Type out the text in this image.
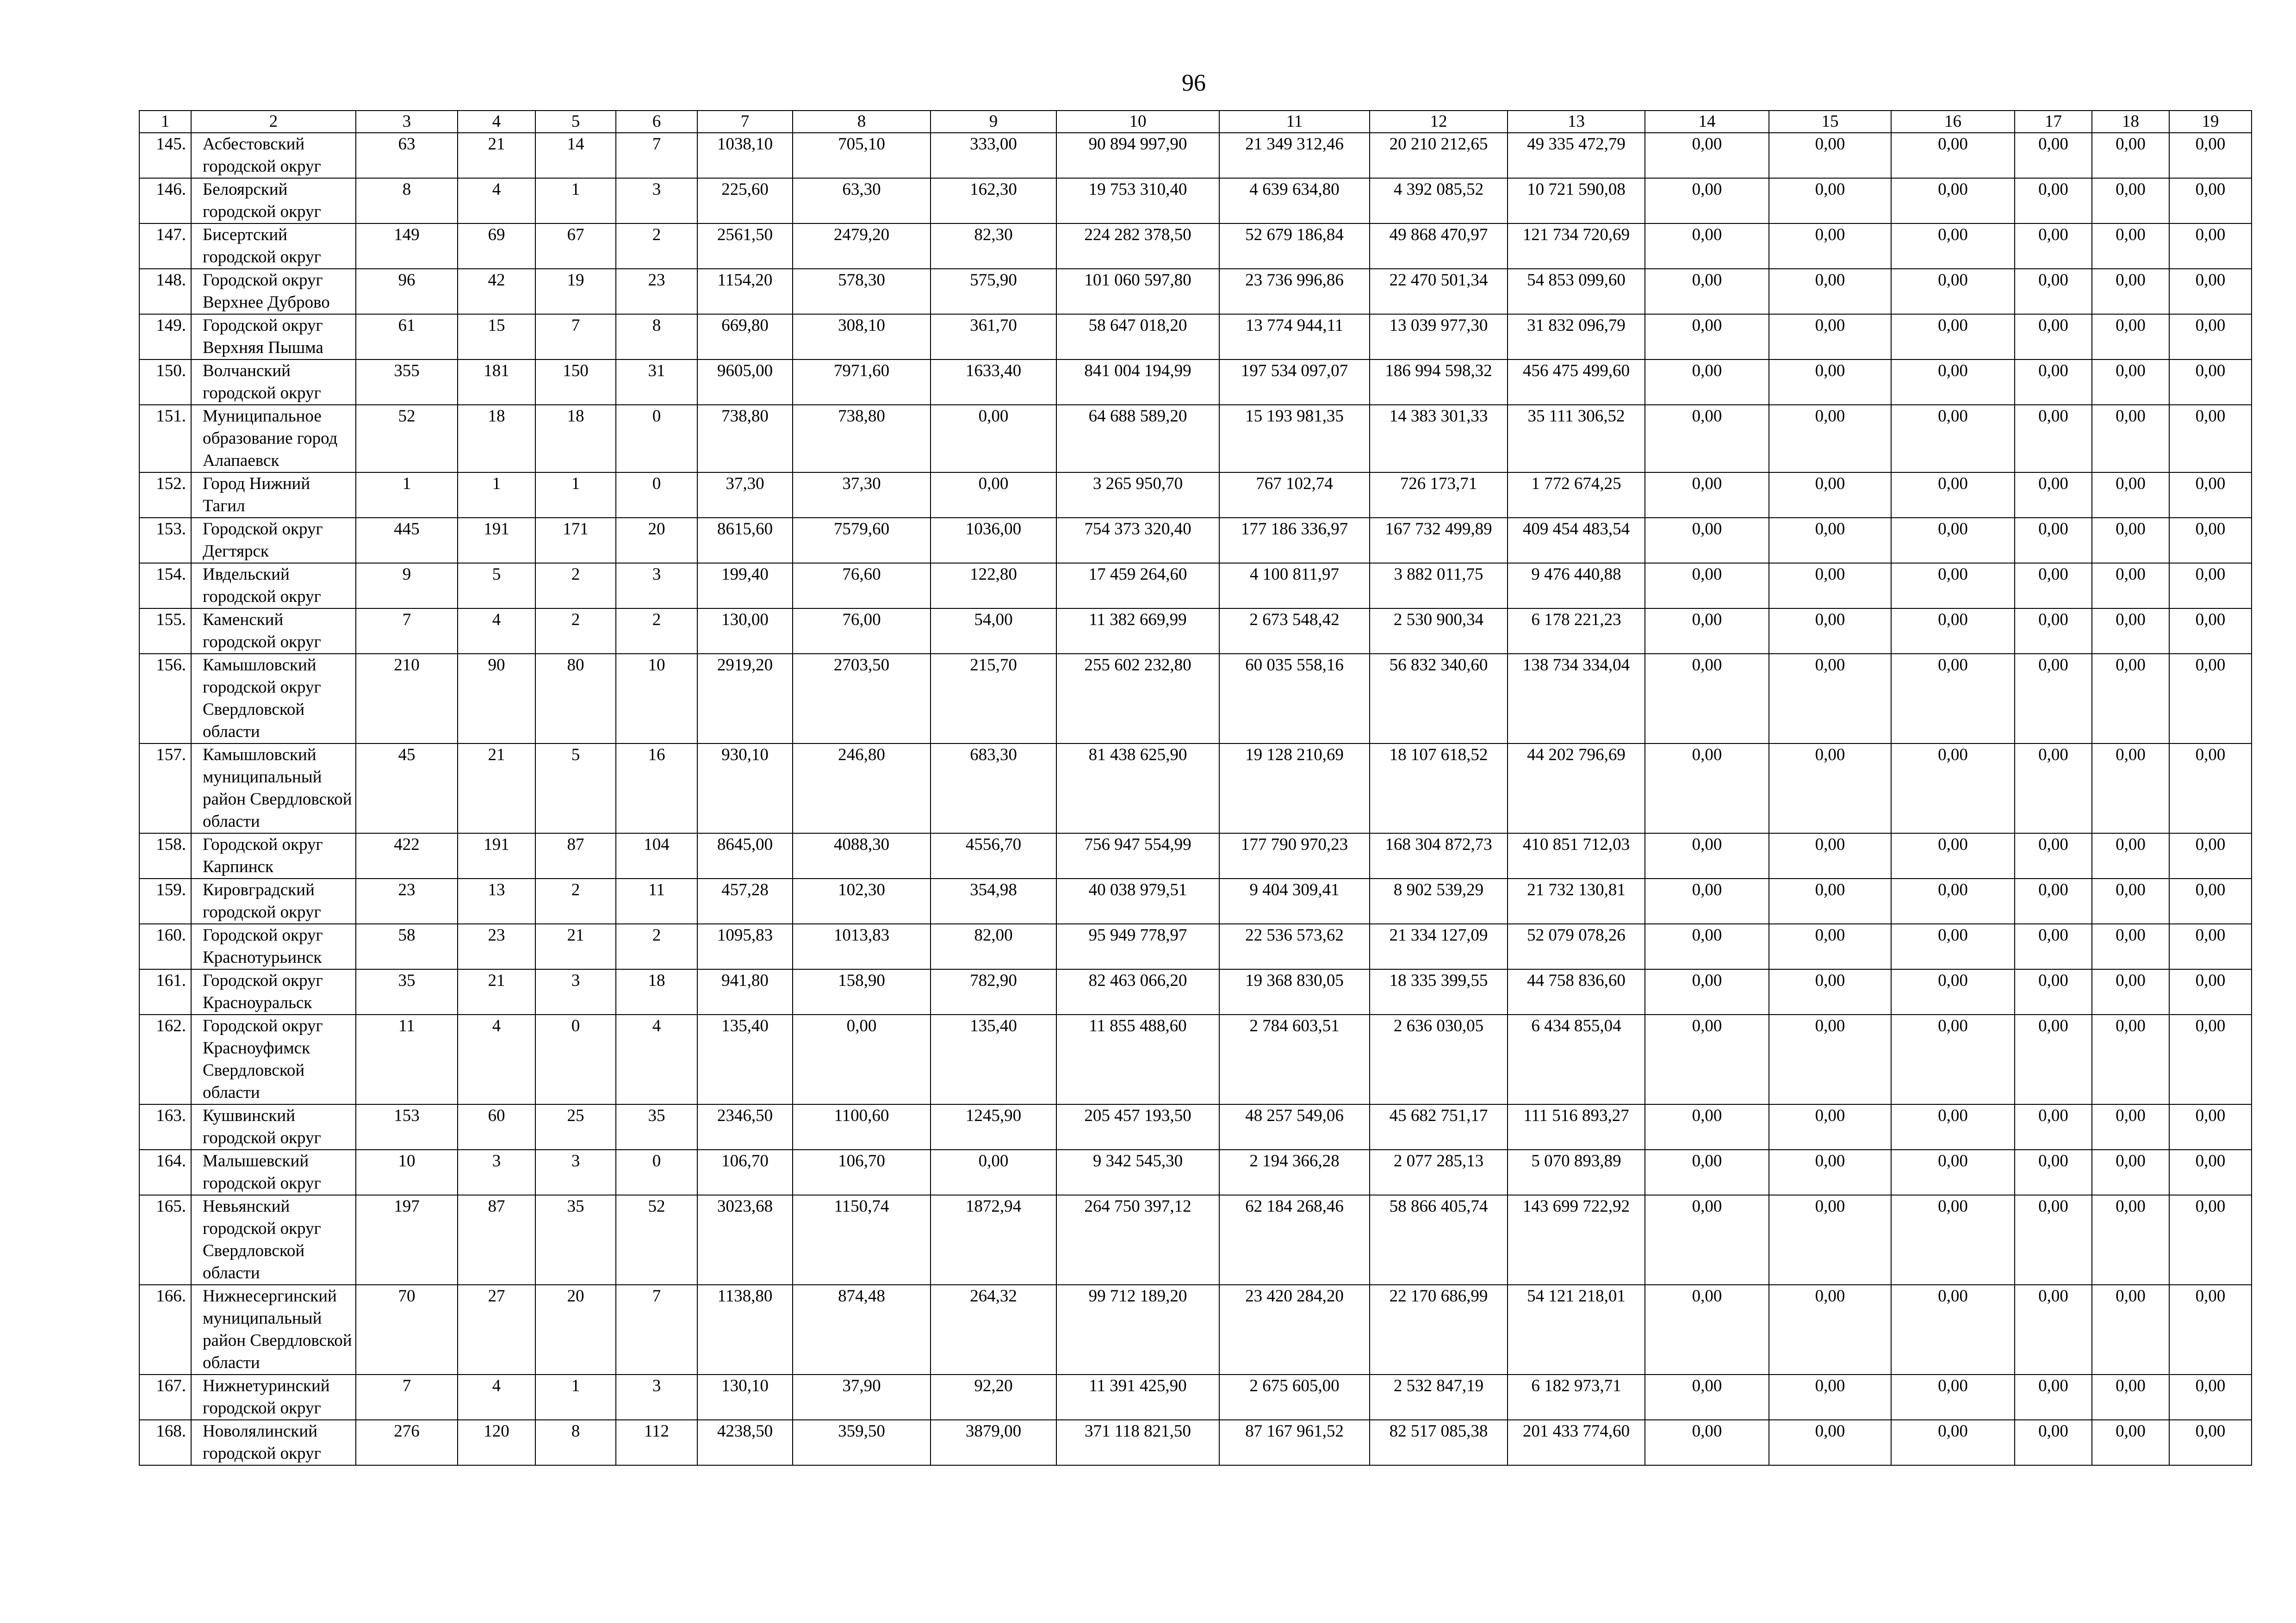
96
1	2	3	4	5	6	7	8	9	10	11	12	13	14	15	16	17	18	19
145.	Асбестовский городской округ	63	21	14	7	1038,10	705,10	333,00	90 894 997,90	21 349 312,46	20 210 212,65	49 335 472,79	0,00	0,00	0,00	0,00	0,00	0,00
146.	Белоярский городской округ	8	4	1	3	225,60	63,30	162,30	19 753 310,40	4 639 634,80	4 392 085,52	10 721 590,08	0,00	0,00	0,00	0,00	0,00	0,00
147.	Бисертский городской округ	149	69	67	2	2561,50	2479,20	82,30	224 282 378,50	52 679 186,84	49 868 470,97	121 734 720,69	0,00	0,00	0,00	0,00	0,00	0,00
148.	Городской округ Верхнее Дуброво	96	42	19	23	1154,20	578,30	575,90	101 060 597,80	23 736 996,86	22 470 501,34	54 853 099,60	0,00	0,00	0,00	0,00	0,00	0,00
149.	Городской округ Верхняя Пышма	61	15	7	8	669,80	308,10	361,70	58 647 018,20	13 774 944,11	13 039 977,30	31 832 096,79	0,00	0,00	0,00	0,00	0,00	0,00
150.	Волчанский городской округ	355	181	150	31	9605,00	7971,60	1633,40	841 004 194,99	197 534 097,07	186 994 598,32	456 475 499,60	0,00	0,00	0,00	0,00	0,00	0,00
151.	Муниципальное образование город Алапаевск	52	18	18	0	738,80	738,80	0,00	64 688 589,20	15 193 981,35	14 383 301,33	35 111 306,52	0,00	0,00	0,00	0,00	0,00	0,00
152.	Город Нижний Тагил	1	1	1	0	37,30	37,30	0,00	3 265 950,70	767 102,74	726 173,71	1 772 674,25	0,00	0,00	0,00	0,00	0,00	0,00
153.	Городской округ Дегтярск	445	191	171	20	8615,60	7579,60	1036,00	754 373 320,40	177 186 336,97	167 732 499,89	409 454 483,54	0,00	0,00	0,00	0,00	0,00	0,00
154.	Ивдельский городской округ	9	5	2	3	199,40	76,60	122,80	17 459 264,60	4 100 811,97	3 882 011,75	9 476 440,88	0,00	0,00	0,00	0,00	0,00	0,00
155.	Каменский городской округ	7	4	2	2	130,00	76,00	54,00	11 382 669,99	2 673 548,42	2 530 900,34	6 178 221,23	0,00	0,00	0,00	0,00	0,00	0,00
156.	Камышловский городской округ Свердловской области	210	90	80	10	2919,20	2703,50	215,70	255 602 232,80	60 035 558,16	56 832 340,60	138 734 334,04	0,00	0,00	0,00	0,00	0,00	0,00
157.	Камышловский муниципальный район Свердловской области	45	21	5	16	930,10	246,80	683,30	81 438 625,90	19 128 210,69	18 107 618,52	44 202 796,69	0,00	0,00	0,00	0,00	0,00	0,00
158.	Городской округ Карпинск	422	191	87	104	8645,00	4088,30	4556,70	756 947 554,99	177 790 970,23	168 304 872,73	410 851 712,03	0,00	0,00	0,00	0,00	0,00	0,00
159.	Кировградский городской округ	23	13	2	11	457,28	102,30	354,98	40 038 979,51	9 404 309,41	8 902 539,29	21 732 130,81	0,00	0,00	0,00	0,00	0,00	0,00
160.	Городской округ Краснотурьинск	58	23	21	2	1095,83	1013,83	82,00	95 949 778,97	22 536 573,62	21 334 127,09	52 079 078,26	0,00	0,00	0,00	0,00	0,00	0,00
161.	Городской округ Красноуральск	35	21	3	18	941,80	158,90	782,90	82 463 066,20	19 368 830,05	18 335 399,55	44 758 836,60	0,00	0,00	0,00	0,00	0,00	0,00
162.	Городской округ Красноуфимск Свердловской области	11	4	0	4	135,40	0,00	135,40	11 855 488,60	2 784 603,51	2 636 030,05	6 434 855,04	0,00	0,00	0,00	0,00	0,00	0,00
163.	Кушвинский городской округ	153	60	25	35	2346,50	1100,60	1245,90	205 457 193,50	48 257 549,06	45 682 751,17	111 516 893,27	0,00	0,00	0,00	0,00	0,00	0,00
164.	Малышевский городской округ	10	3	3	0	106,70	106,70	0,00	9 342 545,30	2 194 366,28	2 077 285,13	5 070 893,89	0,00	0,00	0,00	0,00	0,00	0,00
165.	Невьянский городской округ Свердловской области	197	87	35	52	3023,68	1150,74	1872,94	264 750 397,12	62 184 268,46	58 866 405,74	143 699 722,92	0,00	0,00	0,00	0,00	0,00	0,00
166.	Нижнесергинский муниципальный район Свердловской области	70	27	20	7	1138,80	874,48	264,32	99 712 189,20	23 420 284,20	22 170 686,99	54 121 218,01	0,00	0,00	0,00	0,00	0,00	0,00
167.	Нижнетуринский городской округ	7	4	1	3	130,10	37,90	92,20	11 391 425,90	2 675 605,00	2 532 847,19	6 182 973,71	0,00	0,00	0,00	0,00	0,00	0,00
168.	Новолялинский городской округ	276	120	8	112	4238,50	359,50	3879,00	371 118 821,50	87 167 961,52	82 517 085,38	201 433 774,60	0,00	0,00	0,00	0,00	0,00	0,00
